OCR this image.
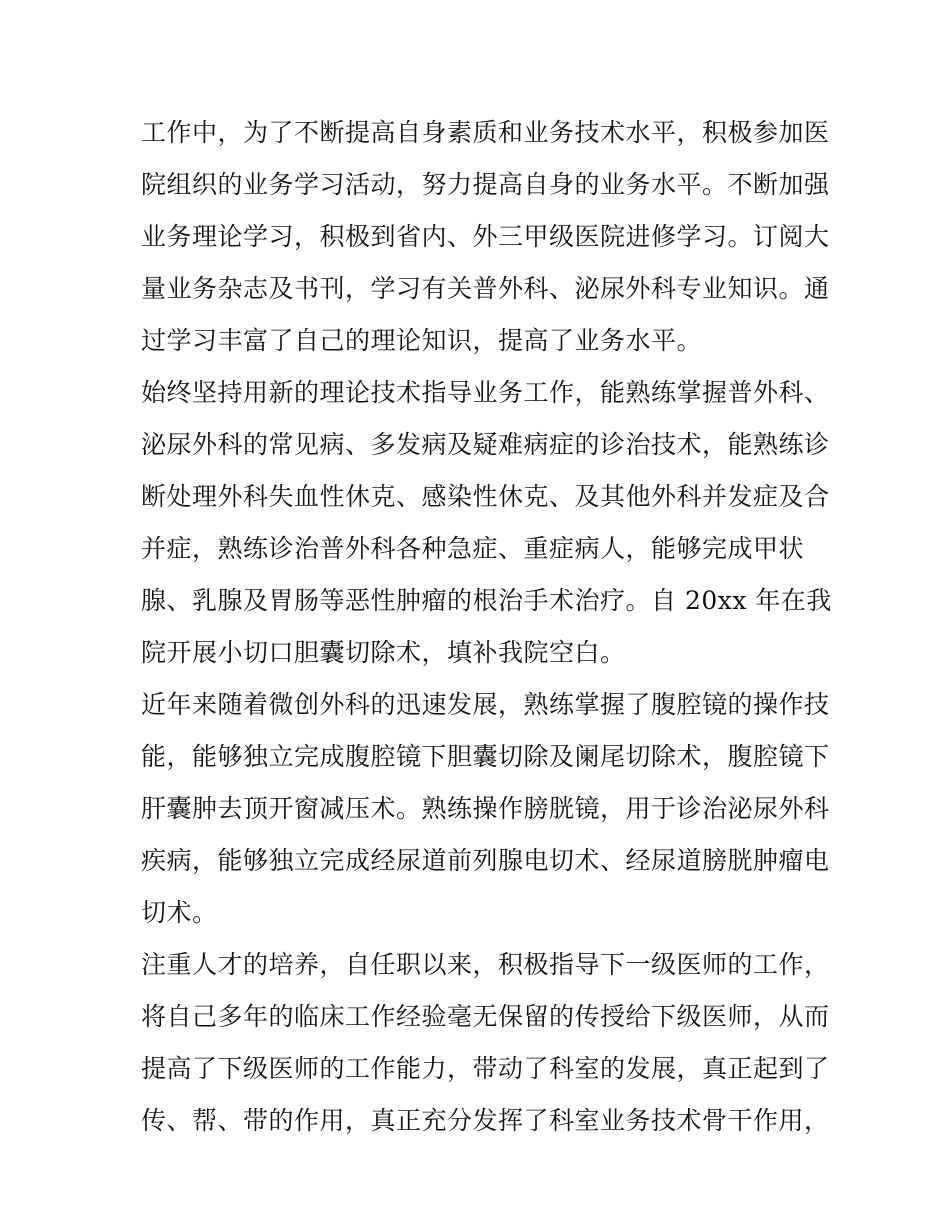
工作中，为了不断提高自身素质和业务技术水平，积极参加医
院组织的业务学习活动，努力提高自身的业务水平。不断加强
业务理论学习，积极到省内、外三甲级医院进修学习。订阅大
量业务杂志及书刊，学习有关普外科、泌尿外科专业知识。通
过学习丰富了自己的理论知识，提高了业务水平。
始终坚持用新的理论技术指导业务工作，能熟练掌握普外科、
泌尿外科的常见病、多发病及疑难病症的诊治技术，能熟练诊
断处理外科失血性休克、感染性休克、及其他外科并发症及合
并症，熟练诊治普外科各种急症、重症病人，能够完成甲状
腺、乳腺及胃肠等恶性肿瘤的根治手术治疗。自 20xx 年在我
院开展小切口胆囊切除术，填补我院空白。
近年来随着微创外科的迅速发展，熟练掌握了腹腔镜的操作技
能，能够独立完成腹腔镜下胆囊切除及阑尾切除术，腹腔镜下
肝囊肿去顶开窗减压术。熟练操作膀胱镜，用于诊治泌尿外科
疾病，能够独立完成经尿道前列腺电切术、经尿道膀胱肿瘤电
切术。
注重人才的培养，自任职以来，积极指导下一级医师的工作，
将自己多年的临床工作经验毫无保留的传授给下级医师，从而
提高了下级医师的工作能力，带动了科室的发展，真正起到了
传、帮、带的作用，真正充分发挥了科室业务技术骨干作用，
